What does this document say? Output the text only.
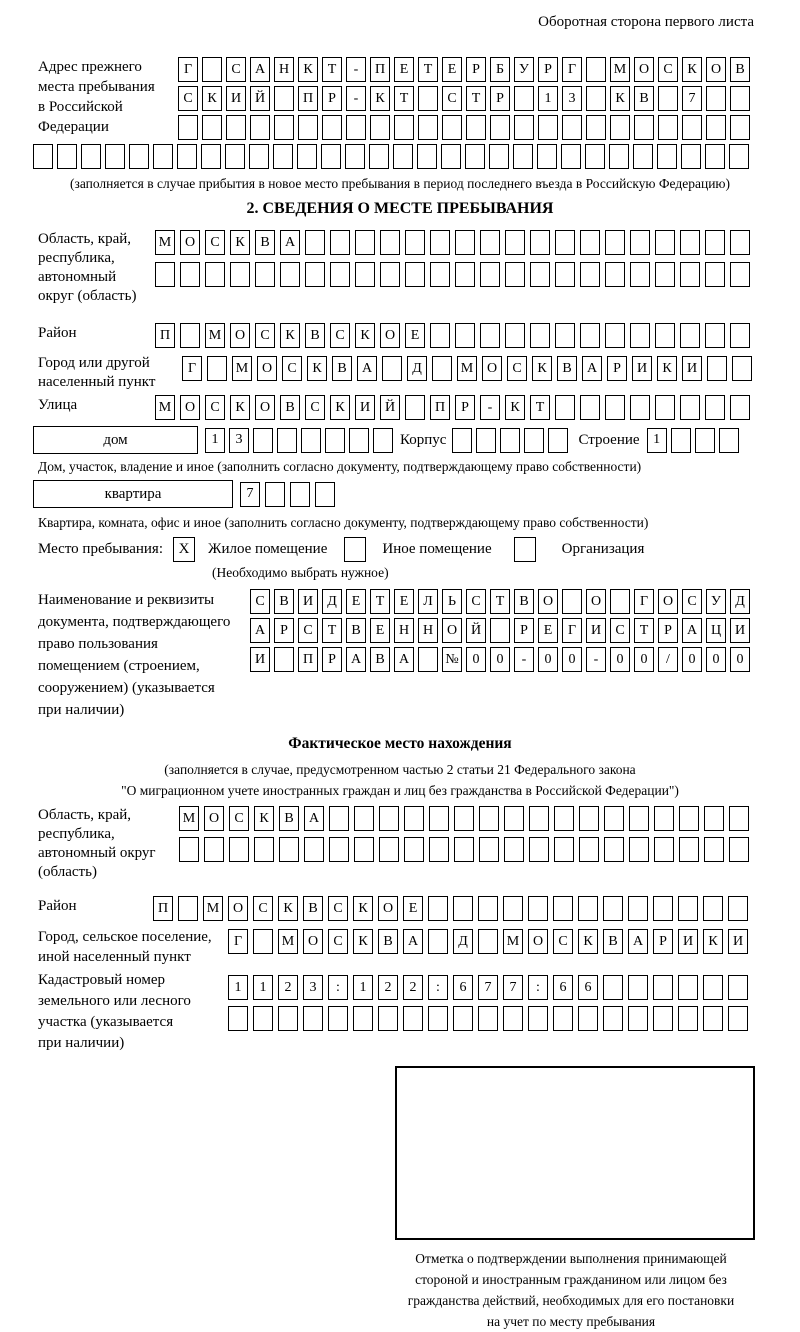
Оборотная сторона первого листа
Адрес прежнего
места пребывания
в Российской
Федерации
Г	С	А Н	К	Т	-	П	Е	Т	Е	Р	Б	У	Р	Г	М О	С	К	О	В
С	К	И Й	П	Р	-	К	Т	С	Т	Р	1	3	К	В	7
(заполняется в случае прибытия в новое место пребывания в период последнего въезда в Российскую Федерацию)
2. СВЕДЕНИЯ О МЕСТЕ ПРЕБЫВАНИЯ
Область, край,
республика,
автономный
округ (область)
М О	С	К	В	А
Район	П	М О	С	К	В	С	К	О	Е
Город или другой
населенный пункт
Г	М О	С	К	В	А	Д	М О	С	К	В	А	Р	И	К	И
Улица	М О	С	К	О	В	С	К	И	Й	П	Р	-	К	Т
дом	1	3	Корпус	Строение 1
Дом, участок, владение и иное (заполнить согласно документу, подтверждающему право собственности)
квартира	7
Квартира, комната, офис и иное (заполнить согласно документу, подтверждающему право собственности)
Место пребывания:	X	Жилое помещение	Иное помещение	Организация
(Необходимо выбрать нужное)
Наименование и реквизиты
документа, подтверждающего
право пользования
помещением (строением,
сооружением) (указывается
при наличии)
С	В	И	Д	Е	Т	Е	Л	Ь	С	Т	В	О	О	Г	О	С	У	Д
А	Р	С	Т	В	Е	Н Н О Й	Р	Е	Г	И	С	Т	Р	А Ц И
И	П	Р	А	В	А	№ 0	0	-	0	0	-	0	0	/	0	0	0
Фактическое место нахождения
(заполняется в случае, предусмотренном частью 2 статьи 21 Федерального закона
"О миграционном учете иностранных граждан и лиц без гражданства в Российской Федерации")
Область, край,
республика,
автономный округ
(область)
М О	С	К	В	А
Район	П	М О	С	К	В	С	К	О	Е
Город, сельское поселение,
иной населенный пункт
Г	М О	С	К	В	А	Д	М О	С	К	В	А	Р	И	К	И
Кадастровый номер
земельного или лесного
участка (указывается
при наличии)
1	1	2	3	:	1	2	2	:	6	7	7	:	6	6
Отметка о подтверждении выполнения принимающей
стороной и иностранным гражданином или лицом без
гражданства действий, необходимых для его постановки
на учет по месту пребывания
